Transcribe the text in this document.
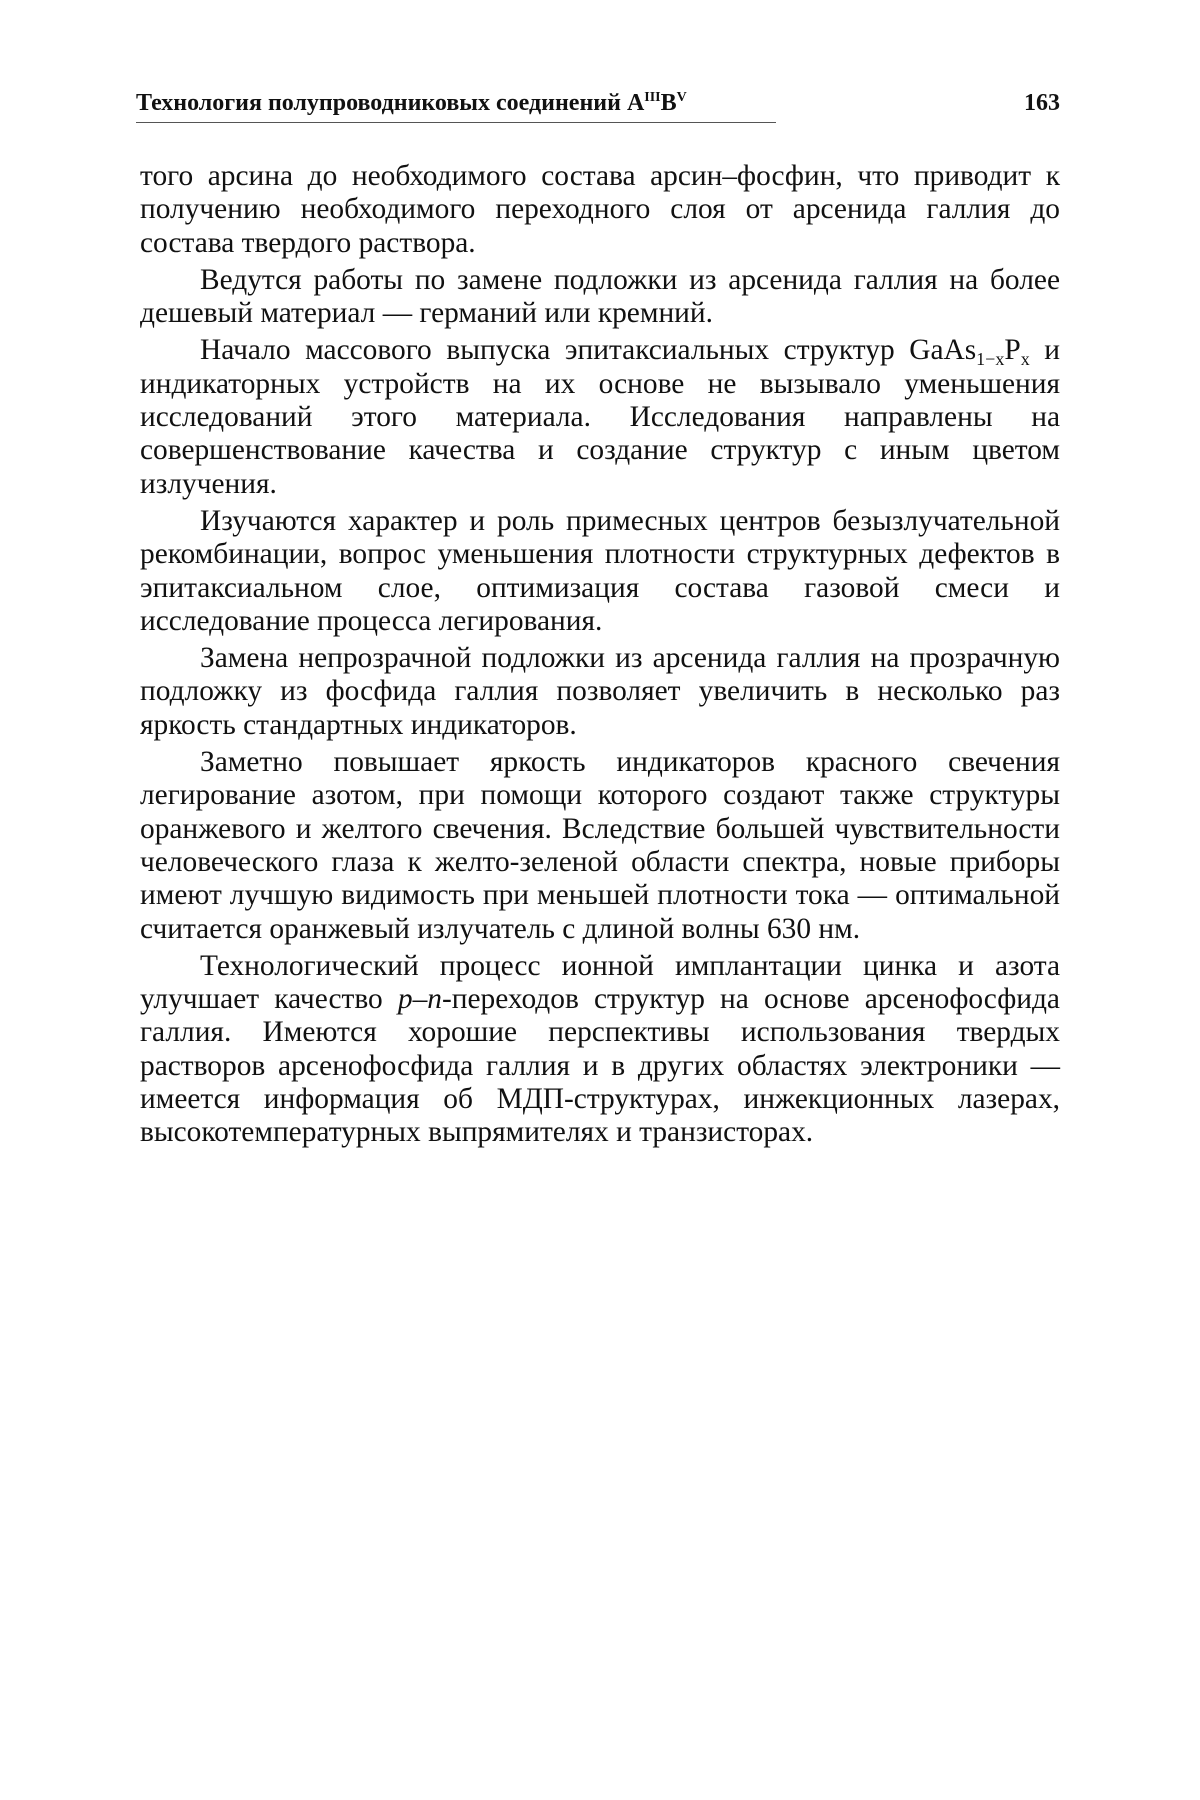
Технология полупроводниковых соединений $A^{III}B^V$	163

того арсина до необходимого состава арсин–фосфин, что приводит к получению необходимого переходного слоя от арсенида галлия до состава твердого раствора.

Ведутся работы по замене подложки из арсенида галлия на более дешевый материал — германий или кремний.

Начало массового выпуска эпитаксиальных структур $GaAs_{1-x}P_x$ и индикаторных устройств на их основе не вызывало уменьшения исследований этого материала. Исследования направлены на совершенствование качества и создание структур с иным цветом излучения.

Изучаются характер и роль примесных центров безызлучательной рекомбинации, вопрос уменьшения плотности структурных дефектов в эпитаксиальном слое, оптимизация состава газовой смеси и исследование процесса легирования.

Замена непрозрачной подложки из арсенида галлия на прозрачную подложку из фосфида галлия позволяет увеличить в несколько раз яркость стандартных индикаторов.

Заметно повышает яркость индикаторов красного свечения легирование азотом, при помощи которого создают также структуры оранжевого и желтого свечения. Вследствие большей чувствительности человеческого глаза к желто-зеленой области спектра, новые приборы имеют лучшую видимость при меньшей плотности тока — оптимальной считается оранжевый излучатель с длиной волны 630 нм.

Технологический процесс ионной имплантации цинка и азота улучшает качество p–n-переходов структур на основе арсенофосфида галлия. Имеются хорошие перспективы использования твердых растворов арсенофосфида галлия и в других областях электроники — имеется информация об МДП-структурах, инжекционных лазерах, высокотемпературных выпрямителях и транзисторах.
